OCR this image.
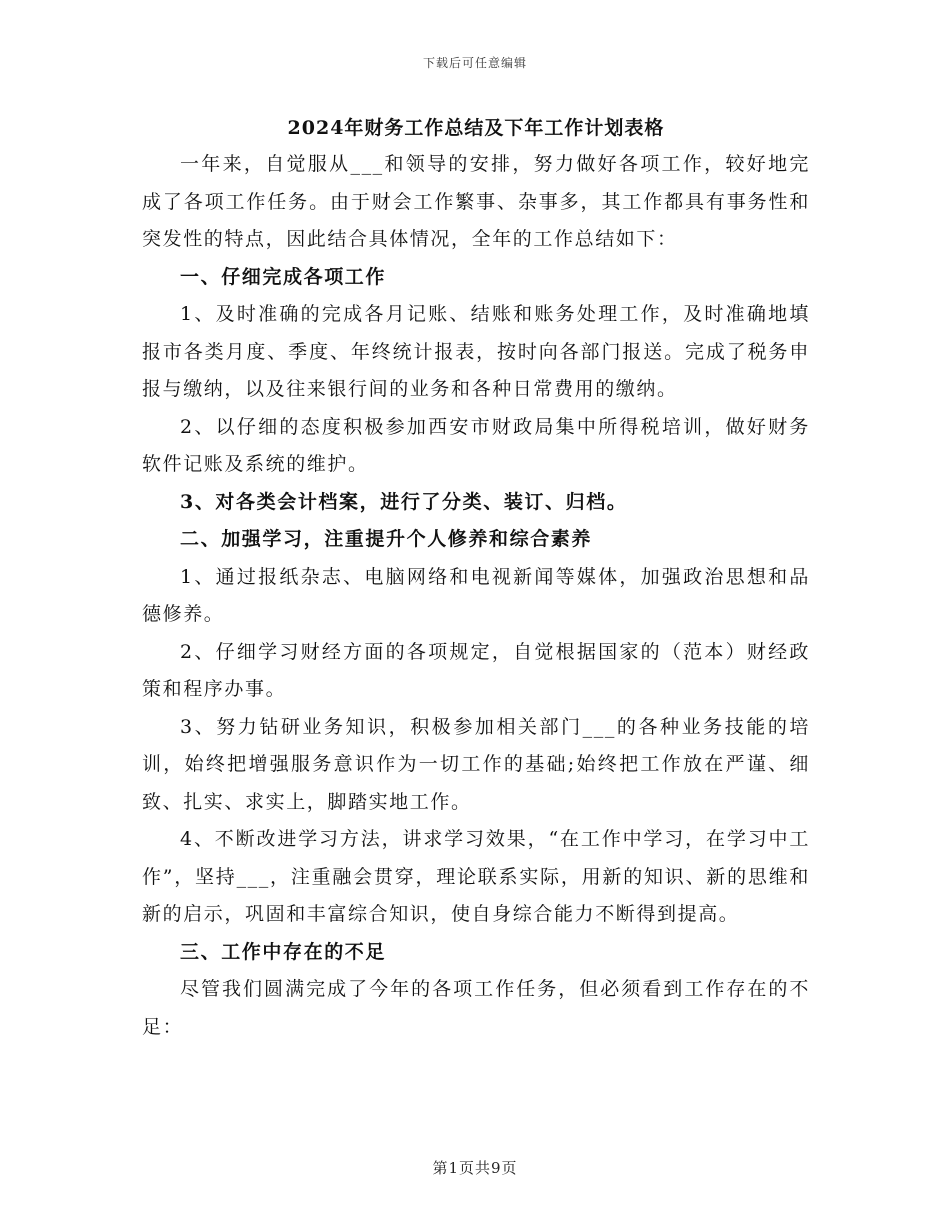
下载后可任意编辑
2024年财务工作总结及下年工作计划表格

一年来，自觉服从___和领导的安排，努力做好各项工作，较好地完成了各项工作任务。由于财会工作繁事、杂事多，其工作都具有事务性和突发性的特点，因此结合具体情况，全年的工作总结如下：

一、仔细完成各项工作

1、及时准确的完成各月记账、结账和账务处理工作，及时准确地填报市各类月度、季度、年终统计报表，按时向各部门报送。完成了税务申报与缴纳，以及往来银行间的业务和各种日常费用的缴纳。

2、以仔细的态度积极参加西安市财政局集中所得税培训，做好财务软件记账及系统的维护。

3、对各类会计档案，进行了分类、装订、归档。

二、加强学习，注重提升个人修养和综合素养

1、通过报纸杂志、电脑网络和电视新闻等媒体，加强政治思想和品德修养。

2、仔细学习财经方面的各项规定，自觉根据国家的（范本）财经政策和程序办事。

3、努力钻研业务知识，积极参加相关部门___的各种业务技能的培训，始终把增强服务意识作为一切工作的基础;始终把工作放在严谨、细致、扎实、求实上，脚踏实地工作。

4、不断改进学习方法，讲求学习效果，“在工作中学习，在学习中工作”，坚持___，注重融会贯穿，理论联系实际，用新的知识、新的思维和新的启示，巩固和丰富综合知识，使自身综合能力不断得到提高。

三、工作中存在的不足

尽管我们圆满完成了今年的各项工作任务，但必须看到工作存在的不足：

第1页共9页
